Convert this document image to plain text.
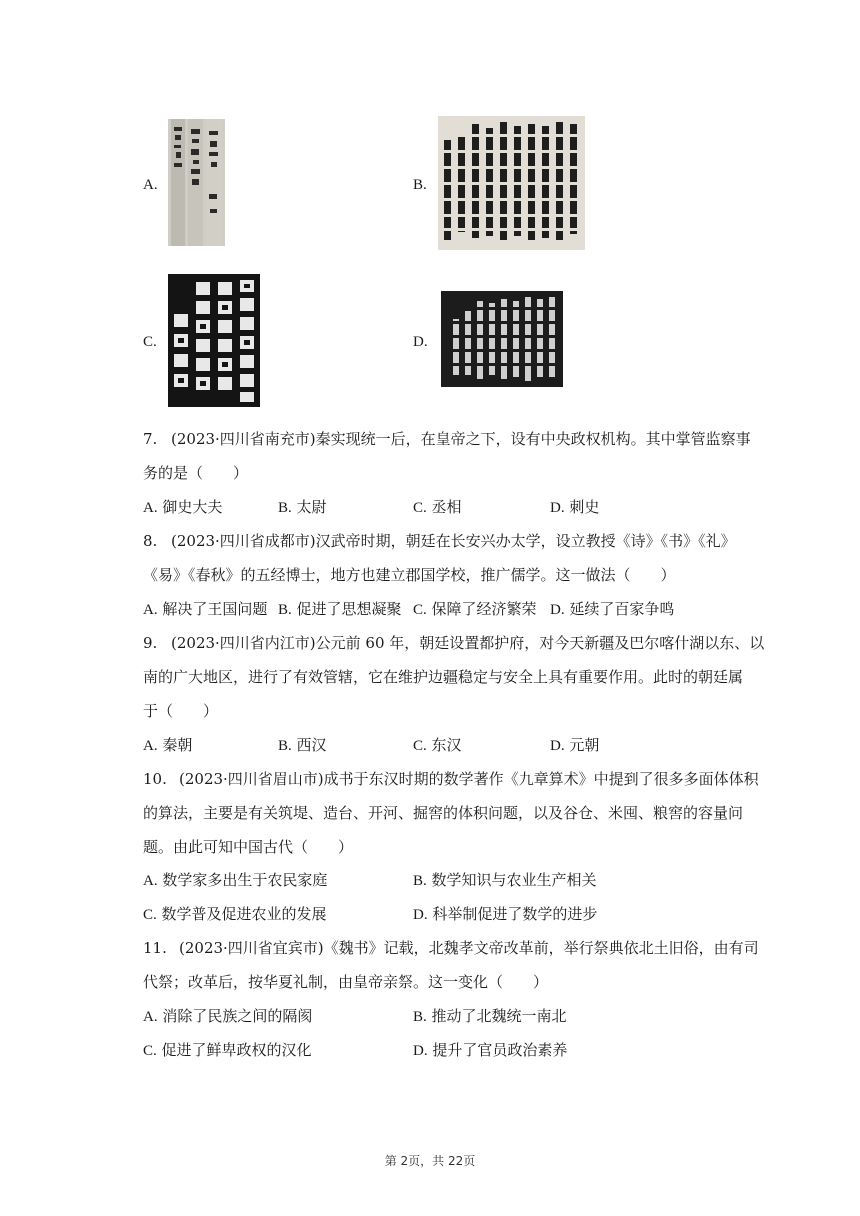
A.	B.
C.	D.
7. (2023·四川省南充市)秦实现统一后，在皇帝之下，设有中央政权机构。其中掌管监察事
务的是（　　）
A. 御史大夫	B. 太尉	C. 丞相	D. 刺史
8. (2023·四川省成都市)汉武帝时期，朝廷在长安兴办太学，设立教授《诗》《书》《礼》
《易》《春秋》的五经博士，地方也建立郡国学校，推广儒学。这一做法（　　）
A. 解决了王国问题 B. 促进了思想凝聚 C. 保障了经济繁荣 D. 延续了百家争鸣
9. (2023·四川省内江市)公元前 60 年，朝廷设置都护府，对今天新疆及巴尔喀什湖以东、以
南的广大地区，进行了有效管辖，它在维护边疆稳定与安全上具有重要作用。此时的朝廷属
于（　　）
A. 秦朝	B. 西汉	C. 东汉	D. 元朝
10. (2023·四川省眉山市)成书于东汉时期的数学著作《九章算术》中提到了很多多面体体积
的算法，主要是有关筑堤、造台、开河、掘窖的体积问题，以及谷仓、米囤、粮窖的容量问
题。由此可知中国古代（　　）
A. 数学家多出生于农民家庭	B. 数学知识与农业生产相关
C. 数学普及促进农业的发展	D. 科举制促进了数学的进步
11. (2023·四川省宜宾市)《魏书》记载，北魏孝文帝改革前，举行祭典依北土旧俗，由有司
代祭；改革后，按华夏礼制，由皇帝亲祭。这一变化（　　）
A. 消除了民族之间的隔阂	B. 推动了北魏统一南北
C. 促进了鲜卑政权的汉化	D. 提升了官员政治素养
第 2页，共 22页
